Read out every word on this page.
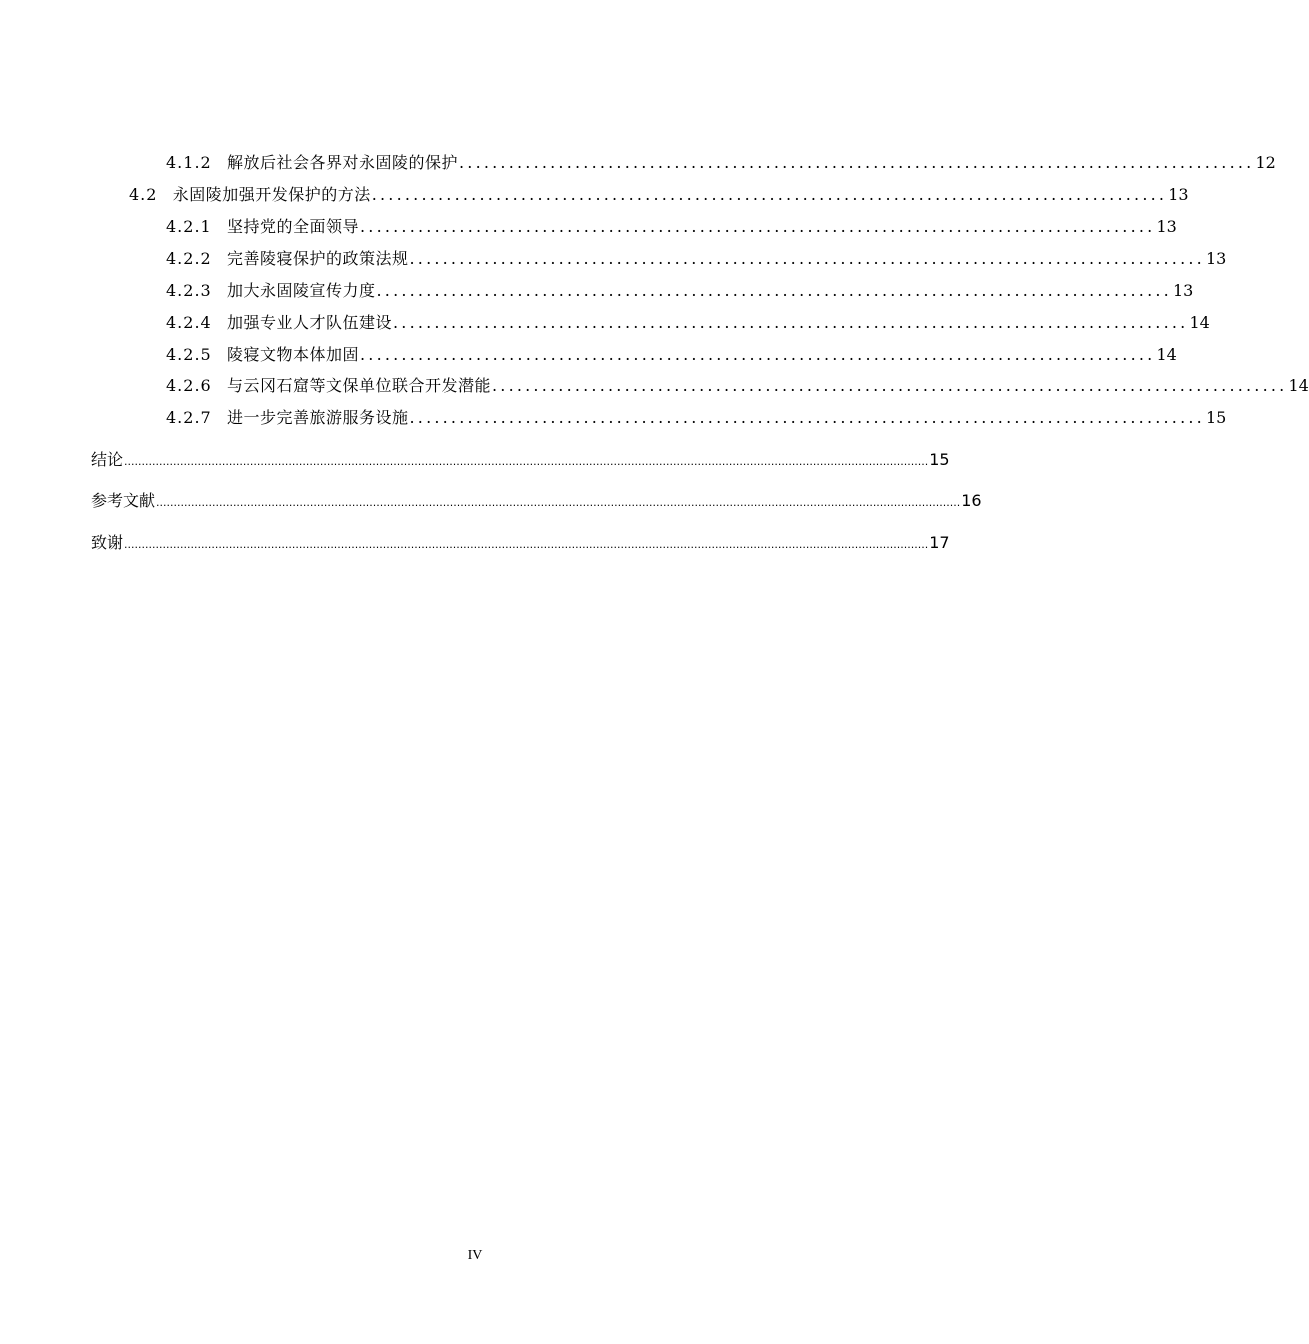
4.1.2 解放后社会各界对永固陵的保护 ................................................................................................ 12
4.2 永固陵加强开发保护的方法 ................................................................................................ 13
4.2.1 坚持党的全面领导 ................................................................................................ 13
4.2.2 完善陵寝保护的政策法规 ................................................................................................ 13
4.2.3 加大永固陵宣传力度 ................................................................................................ 13
4.2.4 加强专业人才队伍建设 ................................................................................................ 14
4.2.5 陵寝文物本体加固 ................................................................................................ 14
4.2.6 与云冈石窟等文保单位联合开发潜能 ................................................................................................ 14
4.2.7 进一步完善旅游服务设施 ................................................................................................ 15
结论 ...................................................................................................................................................................................................................................... 15
参考文献 ...................................................................................................................................................................................................................................... 16
致谢 ...................................................................................................................................................................................................................................... 17
IV
